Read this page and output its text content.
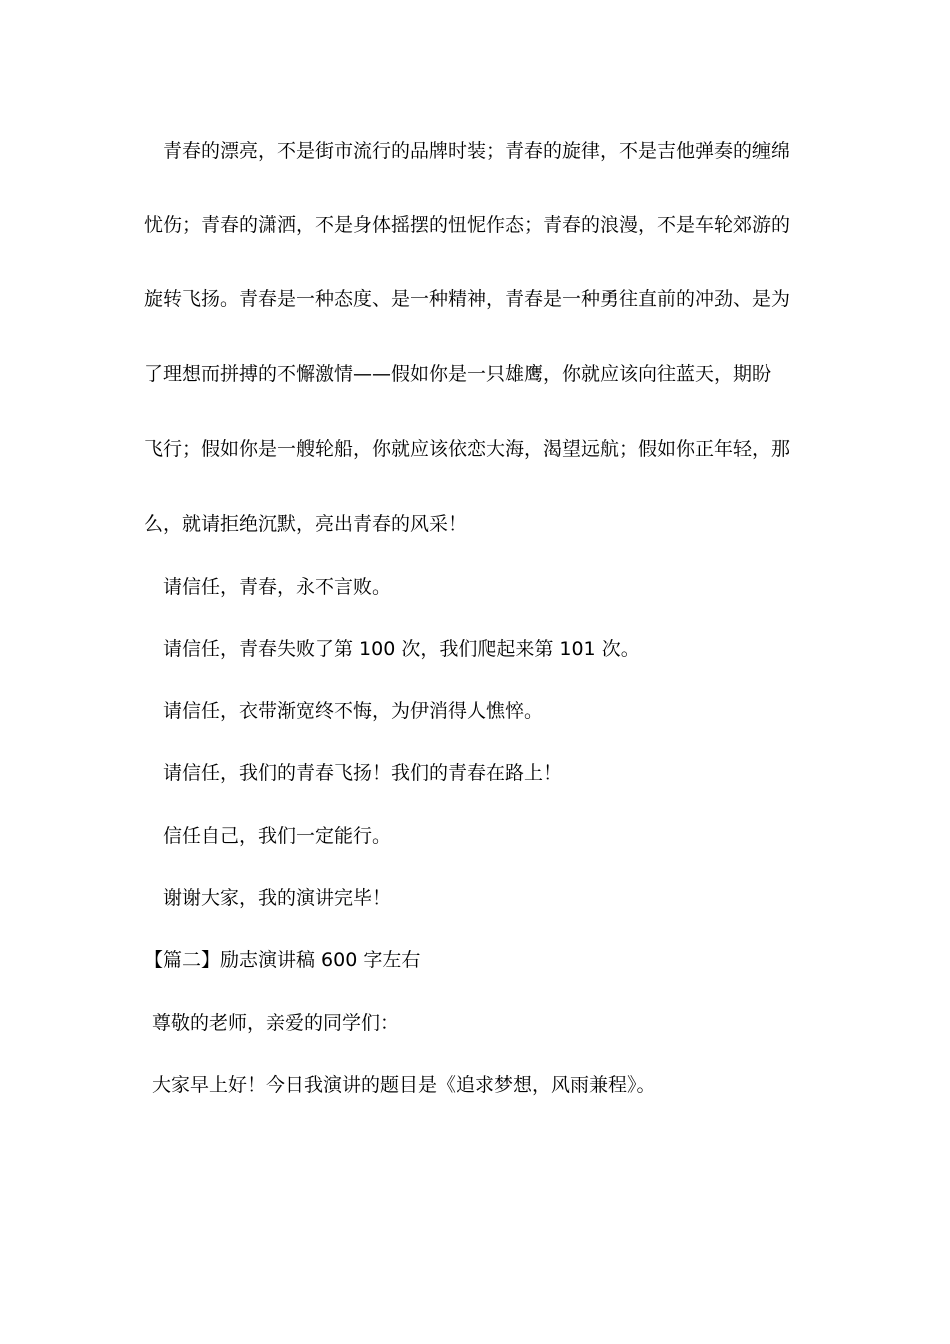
青春的漂亮，不是街市流行的品牌时装；青春的旋律，不是吉他弹奏的缠绵
忧伤；青春的潇洒，不是身体摇摆的忸怩作态；青春的浪漫，不是车轮郊游的
旋转飞扬。青春是一种态度、是一种精神，青春是一种勇往直前的冲劲、是为
了理想而拼搏的不懈激情——假如你是一只雄鹰，你就应该向往蓝天，期盼
飞行；假如你是一艘轮船，你就应该依恋大海，渴望远航；假如你正年轻，那
么，就请拒绝沉默，亮出青春的风采！
请信任，青春，永不言败。
请信任，青春失败了第 100 次，我们爬起来第 101 次。
请信任，衣带渐宽终不悔，为伊消得人憔悴。
请信任，我们的青春飞扬！我们的青春在路上！
信任自己，我们一定能行。
谢谢大家，我的演讲完毕！
【篇二】励志演讲稿 600 字左右
尊敬的老师，亲爱的同学们：
大家早上好！今日我演讲的题目是《追求梦想，风雨兼程》。
